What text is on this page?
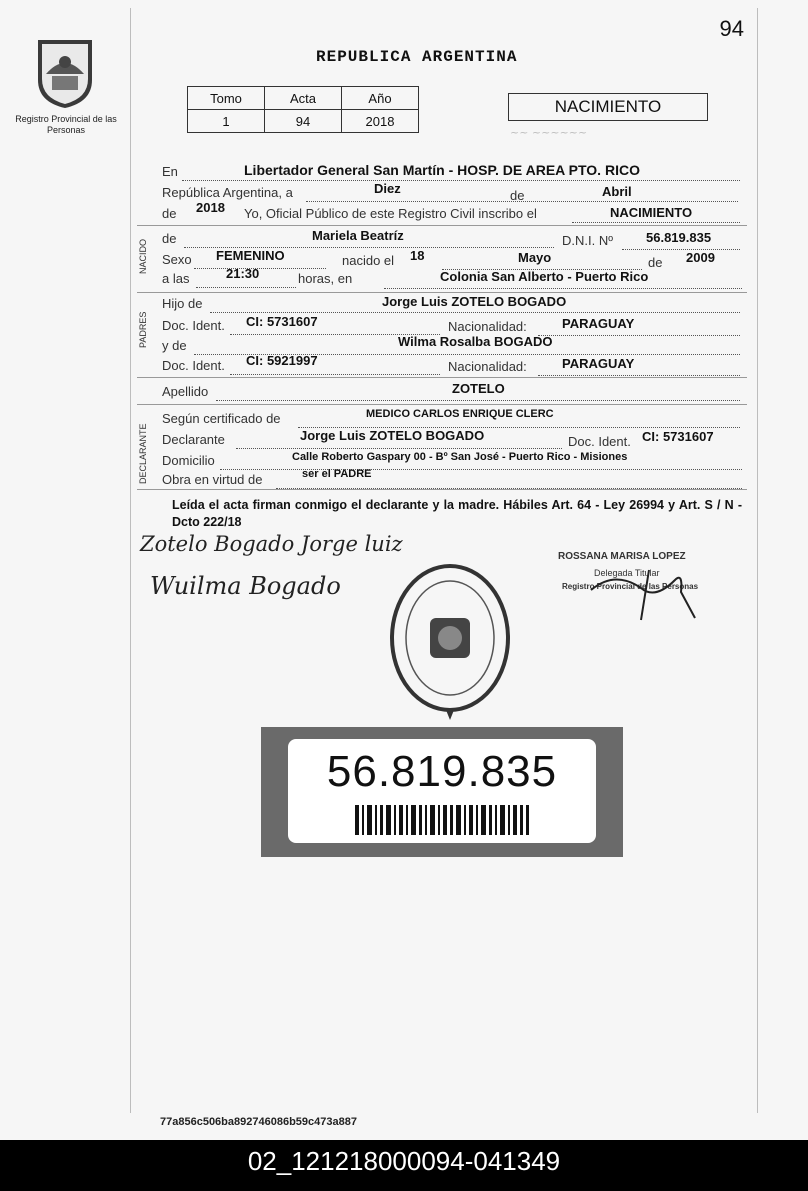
Registro Provincial de las Personas
94
REPUBLICA ARGENTINA
Tomo	Acta	Año
1	94	2018
NACIMIENTO
~~ ~~~~~~
En	Libertador General San Martín - HOSP. DE AREA PTO. RICO
República Argentina, a	Diez	de	Abril
de 2018 Yo, Oficial Público de este Registro Civil inscribo el	NACIMIENTO
NACIDO
de	Mariela Beatríz	D.N.I. Nº	56.819.835
Sexo FEMENINO	nacido el 18	Mayo	de 2009
a las	21:30	horas, en	Colonia San Alberto - Puerto Rico
PADRES
Hijo de	Jorge Luis ZOTELO BOGADO
Doc. Ident. CI: 5731607	Nacionalidad:	PARAGUAY
y de	Wilma Rosalba BOGADO
Doc. Ident. CI: 5921997	Nacionalidad:	PARAGUAY
Apellido	ZOTELO
DECLARANTE
Según certificado de	MEDICO CARLOS ENRIQUE CLERC
Declarante	Jorge Luis ZOTELO BOGADO	Doc. Ident. CI: 5731607
Domicilio	Calle Roberto Gaspary 00 - Bº San José - Puerto Rico - Misiones
Obra en virtud de	ser el PADRE
Leída el acta firman conmigo el declarante y la madre. Hábiles Art. 64 - Ley 26994 y Art. S / N - Dcto 222/18
Zotelo Bogado Jorge luiz
Wuilma Bogado
ROSSANA MARISA LOPEZ
Delegada Titular
Registro Provincial de las Personas
56.819.835
77a856c506ba892746086b59c473a887
02_121218000094-041349
